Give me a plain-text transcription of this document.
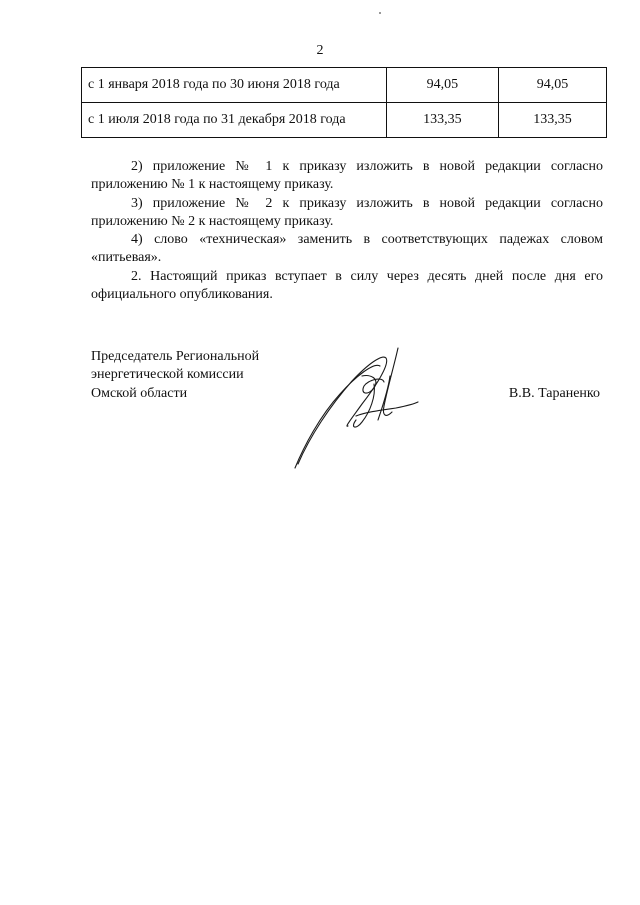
2
с 1 января 2018 года по 30 июня 2018 года	94,05	94,05
с 1 июля 2018 года по 31 декабря 2018 года	133,35	133,35

2) приложение № 1 к приказу изложить в новой редакции согласно приложению № 1 к настоящему приказу.

3) приложение № 2 к приказу изложить в новой редакции согласно приложению № 2 к настоящему приказу.

4) слово «техническая» заменить в соответствующих падежах словом «питьевая».

2. Настоящий приказ вступает в силу через десять дней после дня его официального опубликования.

Председатель Региональной
энергетической комиссии
Омской области	В.В. Тараненко
